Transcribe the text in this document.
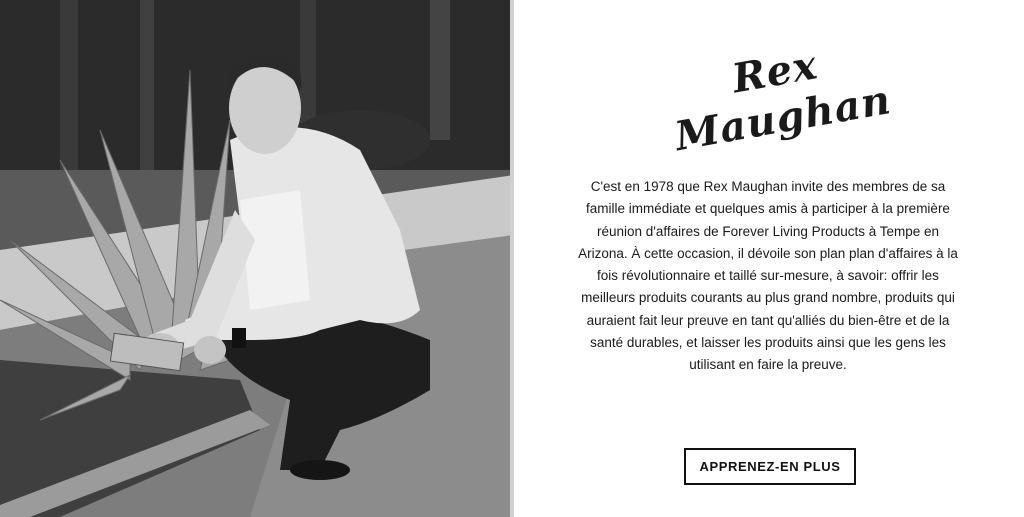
Rex Maughan

C'est en 1978 que Rex Maughan invite des membres de sa famille immédiate et quelques amis à participer à la première réunion d'affaires de Forever Living Products à Tempe en Arizona. À cette occasion, il dévoile son plan plan d'affaires à la fois révolutionnaire et taillé sur-mesure, à savoir: offrir les meilleurs produits courants au plus grand nombre, produits qui auraient fait leur preuve en tant qu'alliés du bien-être et de la santé durables, et laisser les produits ainsi que les gens les utilisant en faire la preuve.

APPRENEZ-EN PLUS
